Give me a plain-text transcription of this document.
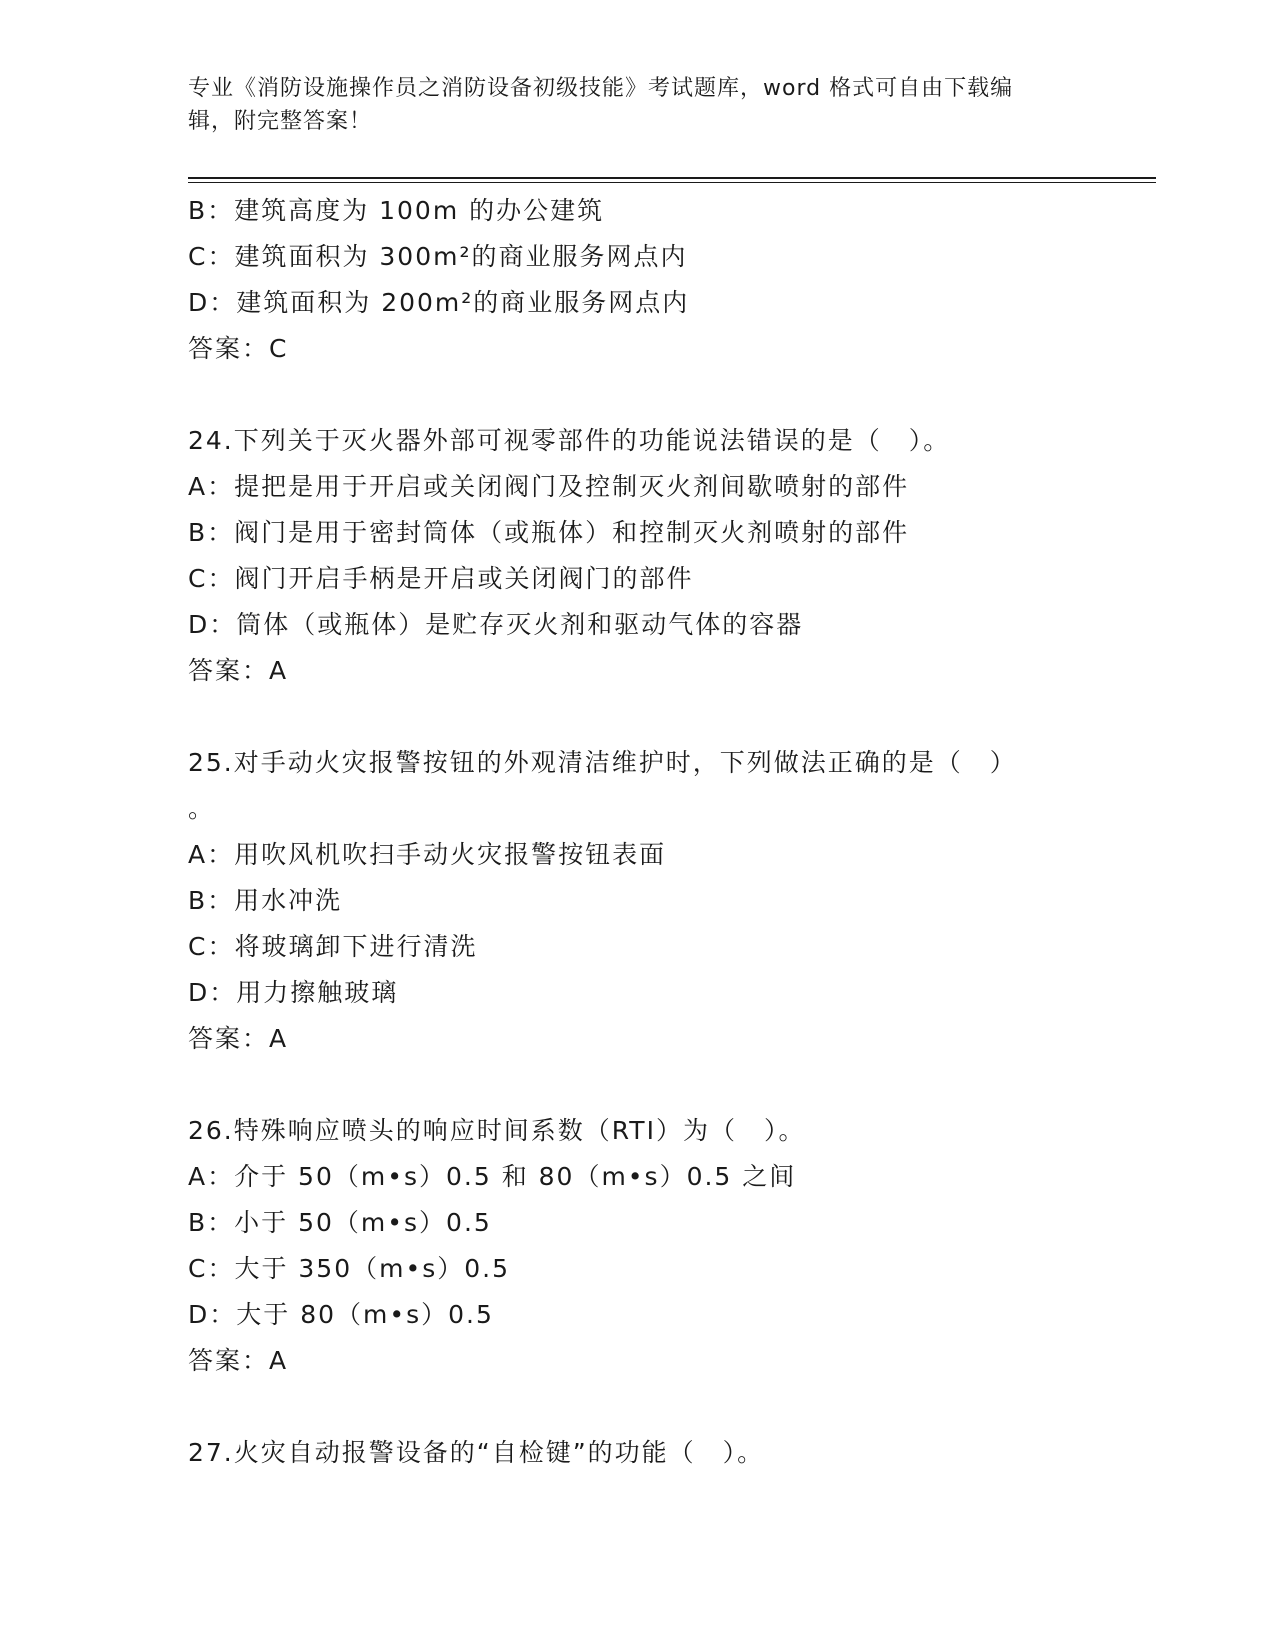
专业《消防设施操作员之消防设备初级技能》考试题库，word 格式可自由下载编
辑，附完整答案！
B：建筑高度为 100m 的办公建筑
C：建筑面积为 300m²的商业服务网点内
D：建筑面积为 200m²的商业服务网点内
答案：C
24.下列关于灭火器外部可视零部件的功能说法错误的是（　）。
A：提把是用于开启或关闭阀门及控制灭火剂间歇喷射的部件
B：阀门是用于密封筒体（或瓶体）和控制灭火剂喷射的部件
C：阀门开启手柄是开启或关闭阀门的部件
D：筒体（或瓶体）是贮存灭火剂和驱动气体的容器
答案：A
25.对手动火灾报警按钮的外观清洁维护时，下列做法正确的是（　）
。
A：用吹风机吹扫手动火灾报警按钮表面
B：用水冲洗
C：将玻璃卸下进行清洗
D：用力擦触玻璃
答案：A
26.特殊响应喷头的响应时间系数（RTI）为（　）。
A：介于 50（m•s）0.5 和 80（m•s）0.5 之间
B：小于 50（m•s）0.5
C：大于 350（m•s）0.5
D：大于 80（m•s）0.5
答案：A
27.火灾自动报警设备的“自检键”的功能（　）。
